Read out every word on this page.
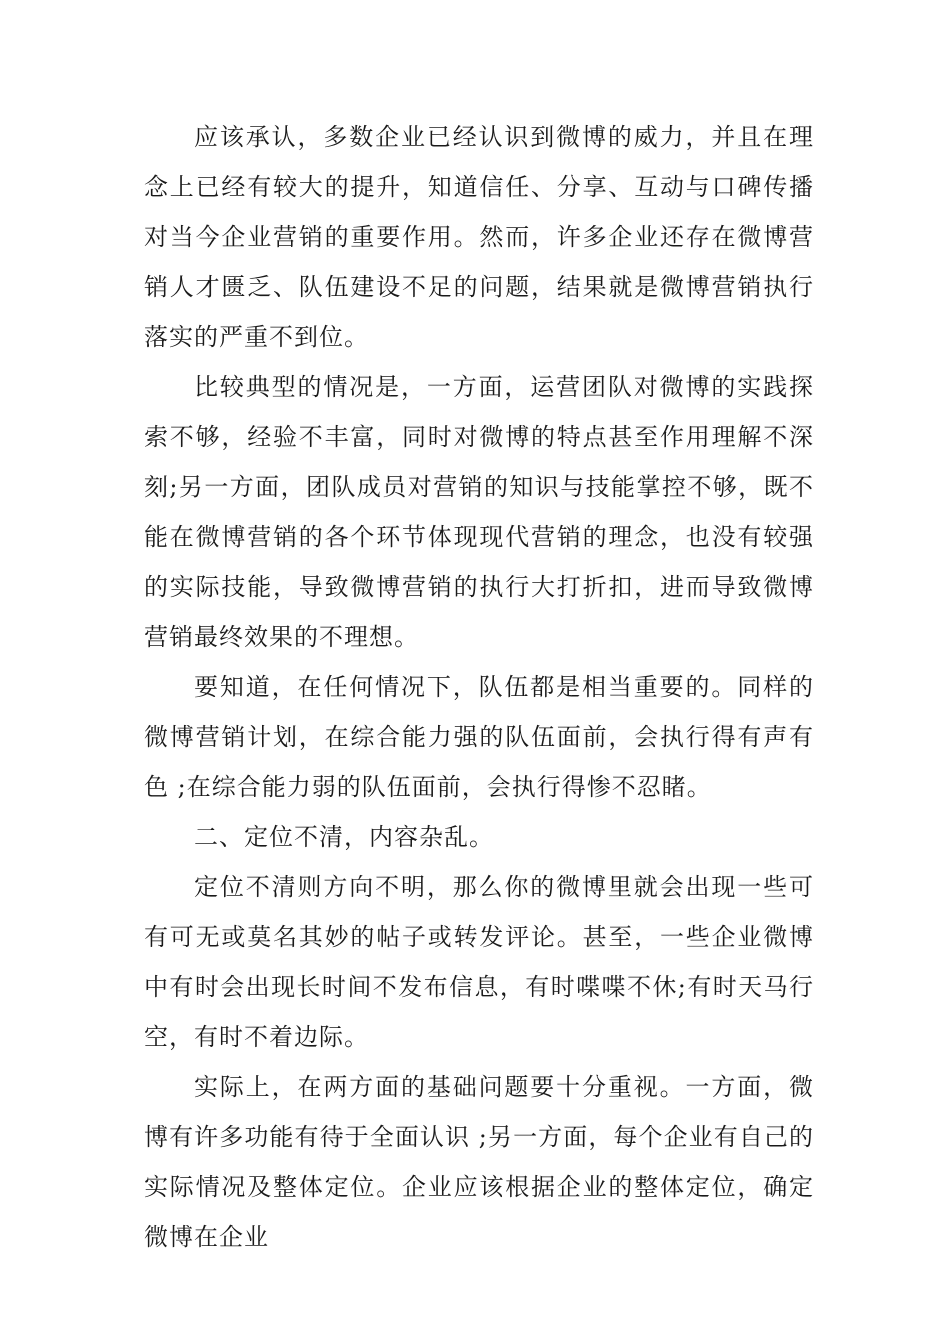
应该承认，多数企业已经认识到微博的威力，并且在理念上已经有较大的提升，知道信任、分享、互动与口碑传播对当今企业营销的重要作用。然而，许多企业还存在微博营销人才匮乏、队伍建设不足的问题，结果就是微博营销执行落实的严重不到位。

比较典型的情况是，一方面，运营团队对微博的实践探索不够，经验不丰富，同时对微博的特点甚至作用理解不深刻;另一方面，团队成员对营销的知识与技能掌控不够，既不能在微博营销的各个环节体现现代营销的理念，也没有较强的实际技能，导致微博营销的执行大打折扣，进而导致微博营销最终效果的不理想。

要知道，在任何情况下，队伍都是相当重要的。同样的微博营销计划，在综合能力强的队伍面前，会执行得有声有色 ;在综合能力弱的队伍面前，会执行得惨不忍睹。

二、定位不清，内容杂乱。

定位不清则方向不明，那么你的微博里就会出现一些可有可无或莫名其妙的帖子或转发评论。甚至，一些企业微博中有时会出现长时间不发布信息，有时喋喋不休;有时天马行空，有时不着边际。

实际上，在两方面的基础问题要十分重视。一方面，微博有许多功能有待于全面认识 ;另一方面，每个企业有自己的实际情况及整体定位。企业应该根据企业的整体定位，确定微博在企业
